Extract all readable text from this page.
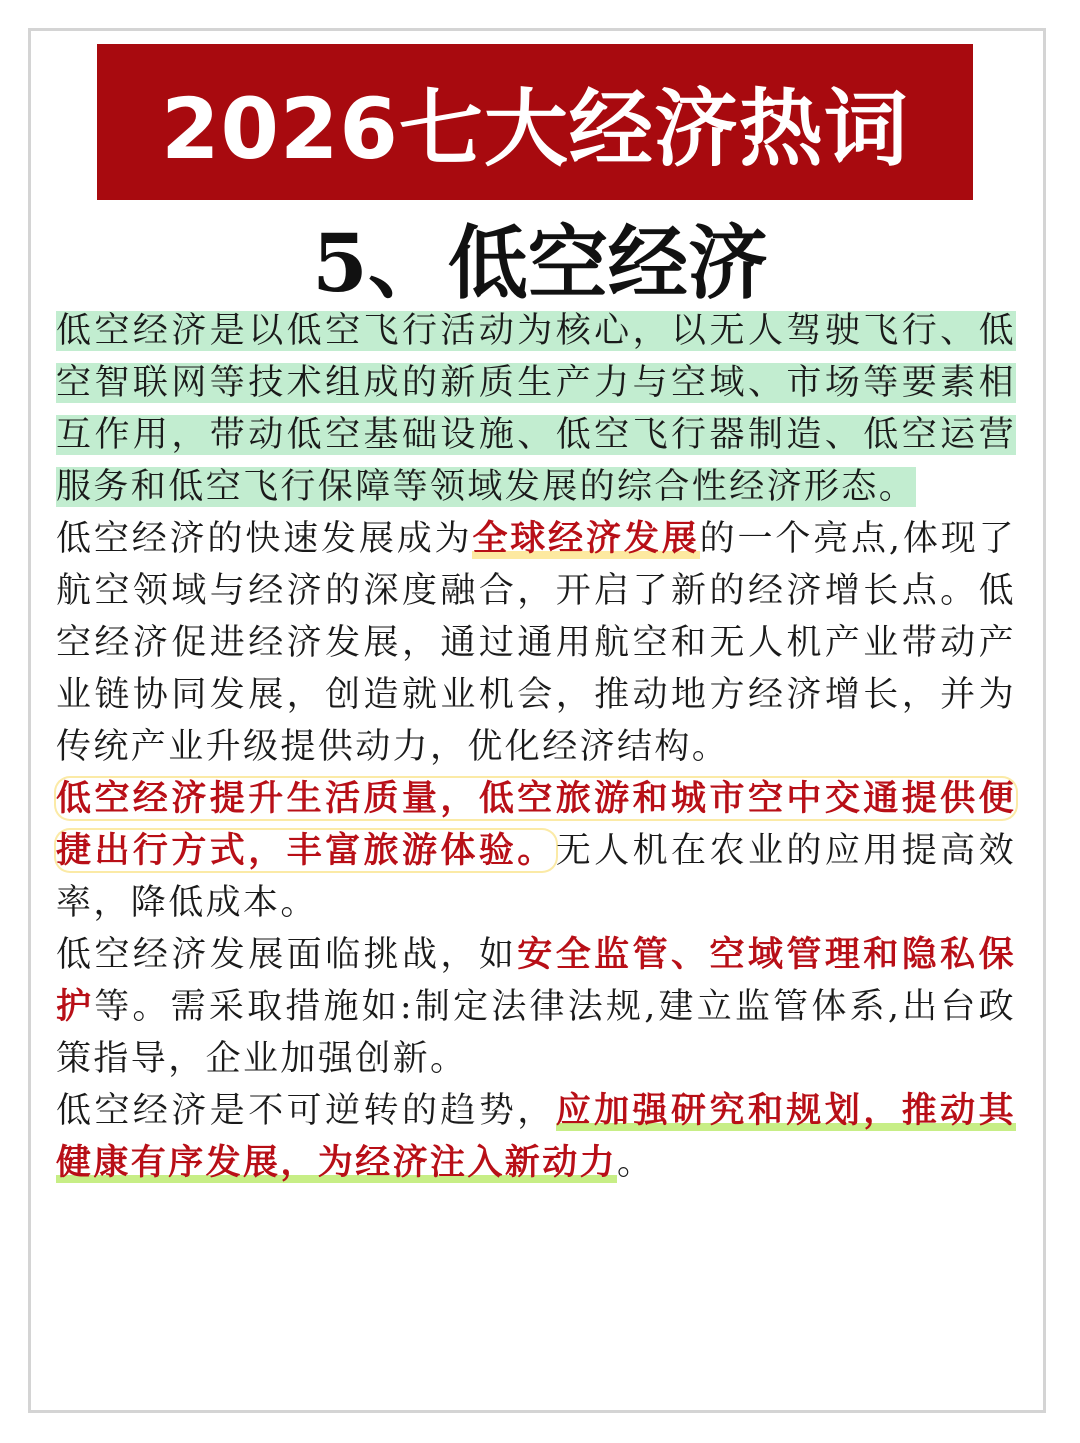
2026七大经济热词
5、低空经济

低空经济是以低空飞行活动为核心，以无人驾驶飞行、低空智联网等技术组成的新质生产力与空域、市场等要素相互作用，带动低空基础设施、低空飞行器制造、低空运营服务和低空飞行保障等领域发展的综合性经济形态。

低空经济的快速发展成为全球经济发展的一个亮点,体现了航空领域与经济的深度融合，开启了新的经济增长点。低空经济促进经济发展，通过通用航空和无人机产业带动产业链协同发展，创造就业机会，推动地方经济增长，并为传统产业升级提供动力，优化经济结构。

低空经济提升生活质量，低空旅游和城市空中交通提供便捷出行方式，丰富旅游体验。无人机在农业的应用提高效率，降低成本。

低空经济发展面临挑战，如安全监管、空域管理和隐私保护等。需采取措施如:制定法律法规,建立监管体系,出台政策指导，企业加强创新。

低空经济是不可逆转的趋势，应加强研究和规划，推动其健康有序发展，为经济注入新动力。
